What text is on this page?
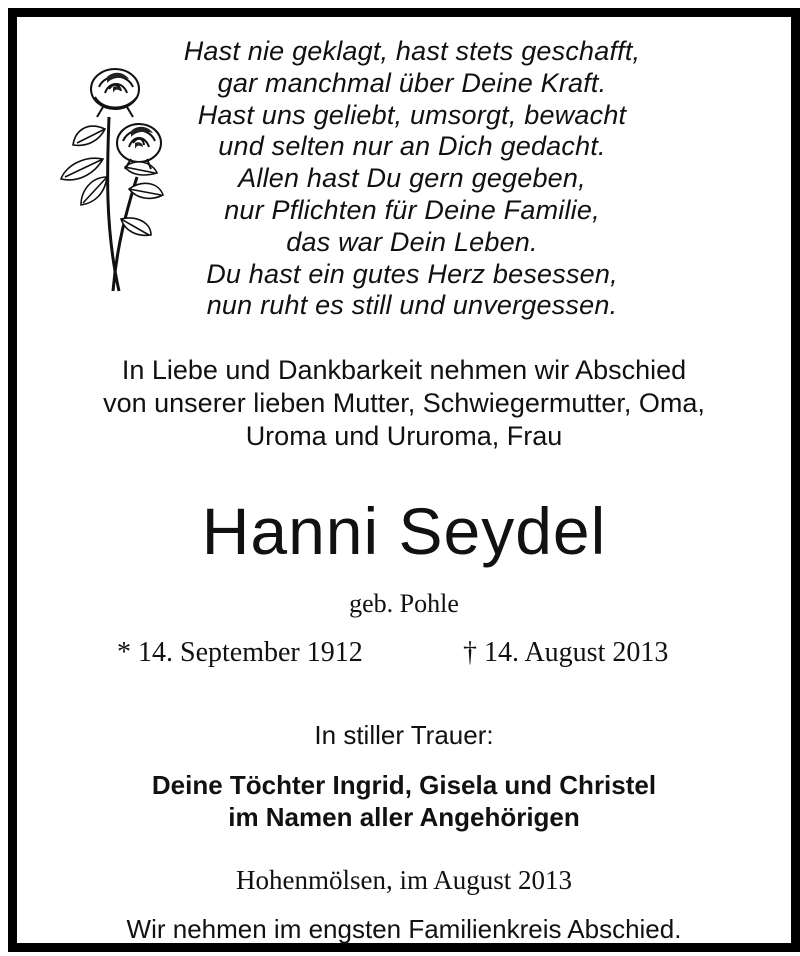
Hast nie geklagt, hast stets geschafft,
gar manchmal über Deine Kraft.
Hast uns geliebt, umsorgt, bewacht
und selten nur an Dich gedacht.
Allen hast Du gern gegeben,
nur Pflichten für Deine Familie,
das war Dein Leben.
Du hast ein gutes Herz besessen,
nun ruht es still und unvergessen.
In Liebe und Dankbarkeit nehmen wir Abschied
von unserer lieben Mutter, Schwiegermutter, Oma,
Uroma und Ururoma, Frau
Hanni Seydel
geb. Pohle
* 14. September 1912	† 14. August 2013
In stiller Trauer:
Deine Töchter Ingrid, Gisela und Christel
im Namen aller Angehörigen
Hohenmölsen, im August 2013
Wir nehmen im engsten Familienkreis Abschied.
